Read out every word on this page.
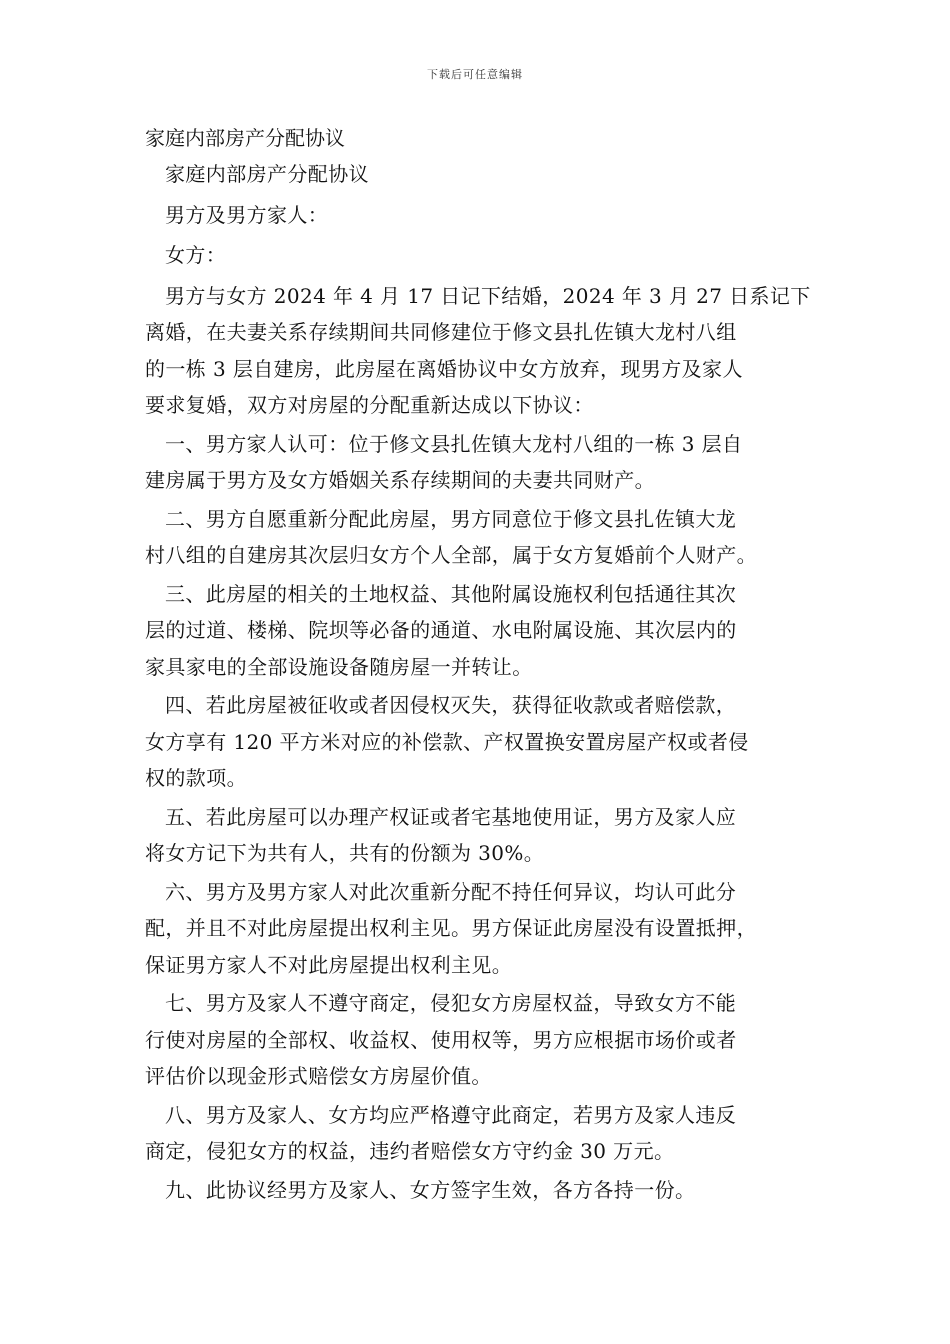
下载后可任意编辑
家庭内部房产分配协议

家庭内部房产分配协议

男方及男方家人：

女方：

男方与女方 2024 年 4 月 17 日记下结婚，2024 年 3 月 27 日系记下
离婚，在夫妻关系存续期间共同修建位于修文县扎佐镇大龙村八组
的一栋 3 层自建房，此房屋在离婚协议中女方放弃，现男方及家人
要求复婚，双方对房屋的分配重新达成以下协议：

一、男方家人认可：位于修文县扎佐镇大龙村八组的一栋 3 层自
建房属于男方及女方婚姻关系存续期间的夫妻共同财产。

二、男方自愿重新分配此房屋，男方同意位于修文县扎佐镇大龙
村八组的自建房其次层归女方个人全部，属于女方复婚前个人财产。

三、此房屋的相关的土地权益、其他附属设施权利包括通往其次
层的过道、楼梯、院坝等必备的通道、水电附属设施、其次层内的
家具家电的全部设施设备随房屋一并转让。

四、若此房屋被征收或者因侵权灭失，获得征收款或者赔偿款，
女方享有 120 平方米对应的补偿款、产权置换安置房屋产权或者侵
权的款项。

五、若此房屋可以办理产权证或者宅基地使用证，男方及家人应
将女方记下为共有人，共有的份额为 30%。

六、男方及男方家人对此次重新分配不持任何异议，均认可此分
配，并且不对此房屋提出权利主见。男方保证此房屋没有设置抵押，
保证男方家人不对此房屋提出权利主见。

七、男方及家人不遵守商定，侵犯女方房屋权益，导致女方不能
行使对房屋的全部权、收益权、使用权等，男方应根据市场价或者
评估价以现金形式赔偿女方房屋价值。

八、男方及家人、女方均应严格遵守此商定，若男方及家人违反
商定，侵犯女方的权益，违约者赔偿女方守约金 30 万元。

九、此协议经男方及家人、女方签字生效，各方各持一份。
